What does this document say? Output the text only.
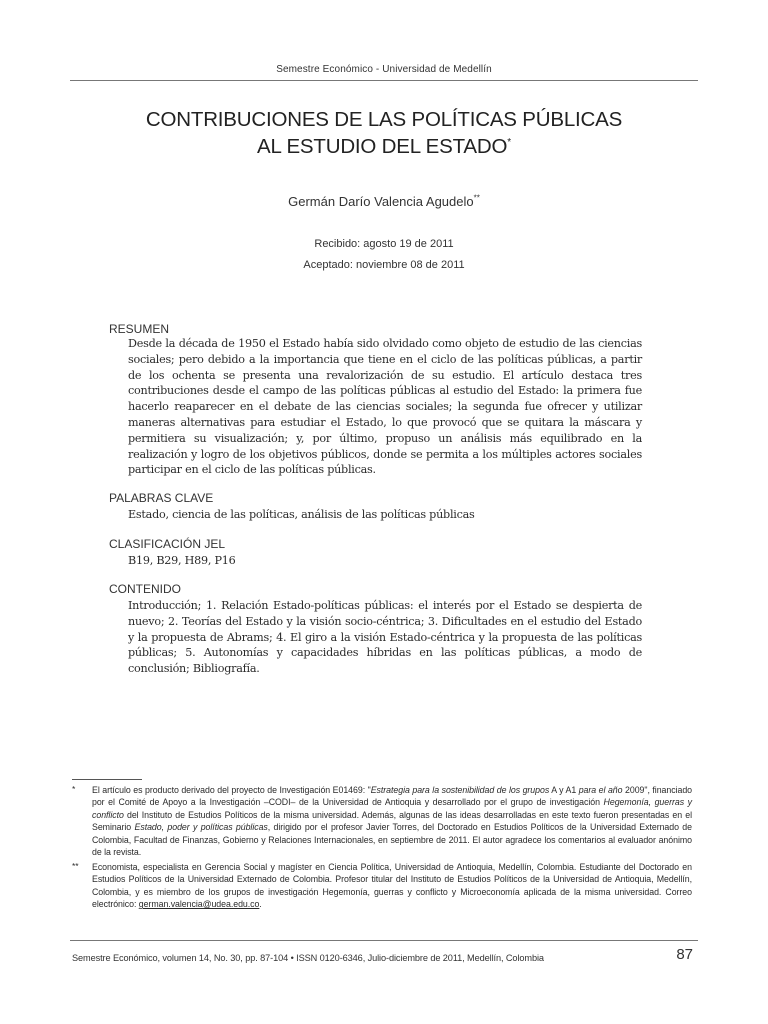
Semestre Económico - Universidad de Medellín
CONTRIBUCIONES DE LAS POLÍTICAS PÚBLICAS
AL ESTUDIO DEL ESTADO*
Germán Darío Valencia Agudelo**
Recibido: agosto 19 de 2011
Aceptado: noviembre 08 de 2011
RESUMEN
Desde la década de 1950 el Estado había sido olvidado como objeto de estudio de las ciencias sociales; pero debido a la importancia que tiene en el ciclo de las políticas públicas, a partir de los ochenta se presenta una revalorización de su estudio. El artículo destaca tres contribuciones desde el campo de las políticas públicas al estudio del Estado: la primera fue hacerlo reaparecer en el debate de las ciencias sociales; la segunda fue ofrecer y utilizar maneras alternativas para estudiar el Estado, lo que provocó que se quitara la máscara y permitiera su visualización; y, por último, propuso un análisis más equilibrado en la realización y logro de los objetivos públicos, donde se permita a los múltiples actores sociales participar en el ciclo de las políticas públicas.
PALABRAS CLAVE
Estado, ciencia de las políticas, análisis de las políticas públicas
CLASIFICACIÓN JEL
B19, B29, H89, P16
CONTENIDO
Introducción; 1. Relación Estado-políticas públicas: el interés por el Estado se despierta de nuevo; 2. Teorías del Estado y la visión socio-céntrica; 3. Dificultades en el estudio del Estado y la propuesta de Abrams; 4. El giro a la visión Estado-céntrica y la propuesta de las políticas públicas; 5. Autonomías y capacidades híbridas en las políticas públicas, a modo de conclusión; Bibliografía.
* El artículo es producto derivado del proyecto de Investigación E01469: "Estrategia para la sostenibilidad de los grupos A y A1 para el año 2009", financiado por el Comité de Apoyo a la Investigación –CODI– de la Universidad de Antioquia y desarrollado por el grupo de investigación Hegemonía, guerras y conflicto del Instituto de Estudios Políticos de la misma universidad. Además, algunas de las ideas desarrolladas en este texto fueron presentadas en el Seminario Estado, poder y políticas públicas, dirigido por el profesor Javier Torres, del Doctorado en Estudios Políticos de la Universidad Externado de Colombia, Facultad de Finanzas, Gobierno y Relaciones Internacionales, en septiembre de 2011. El autor agradece los comentarios al evaluador anónimo de la revista.
** Economista, especialista en Gerencia Social y magíster en Ciencia Política, Universidad de Antioquia, Medellín, Colombia. Estudiante del Doctorado en Estudios Políticos de la Universidad Externado de Colombia. Profesor titular del Instituto de Estudios Políticos de la Universidad de Antioquia, Medellín, Colombia, y es miembro de los grupos de investigación Hegemonía, guerras y conflicto y Microeconomía aplicada de la misma universidad. Correo electrónico: german.valencia@udea.edu.co.
Semestre Económico, volumen 14, No. 30, pp. 87-104 • ISSN 0120-6346, Julio-diciembre de 2011, Medellín, Colombia	87
